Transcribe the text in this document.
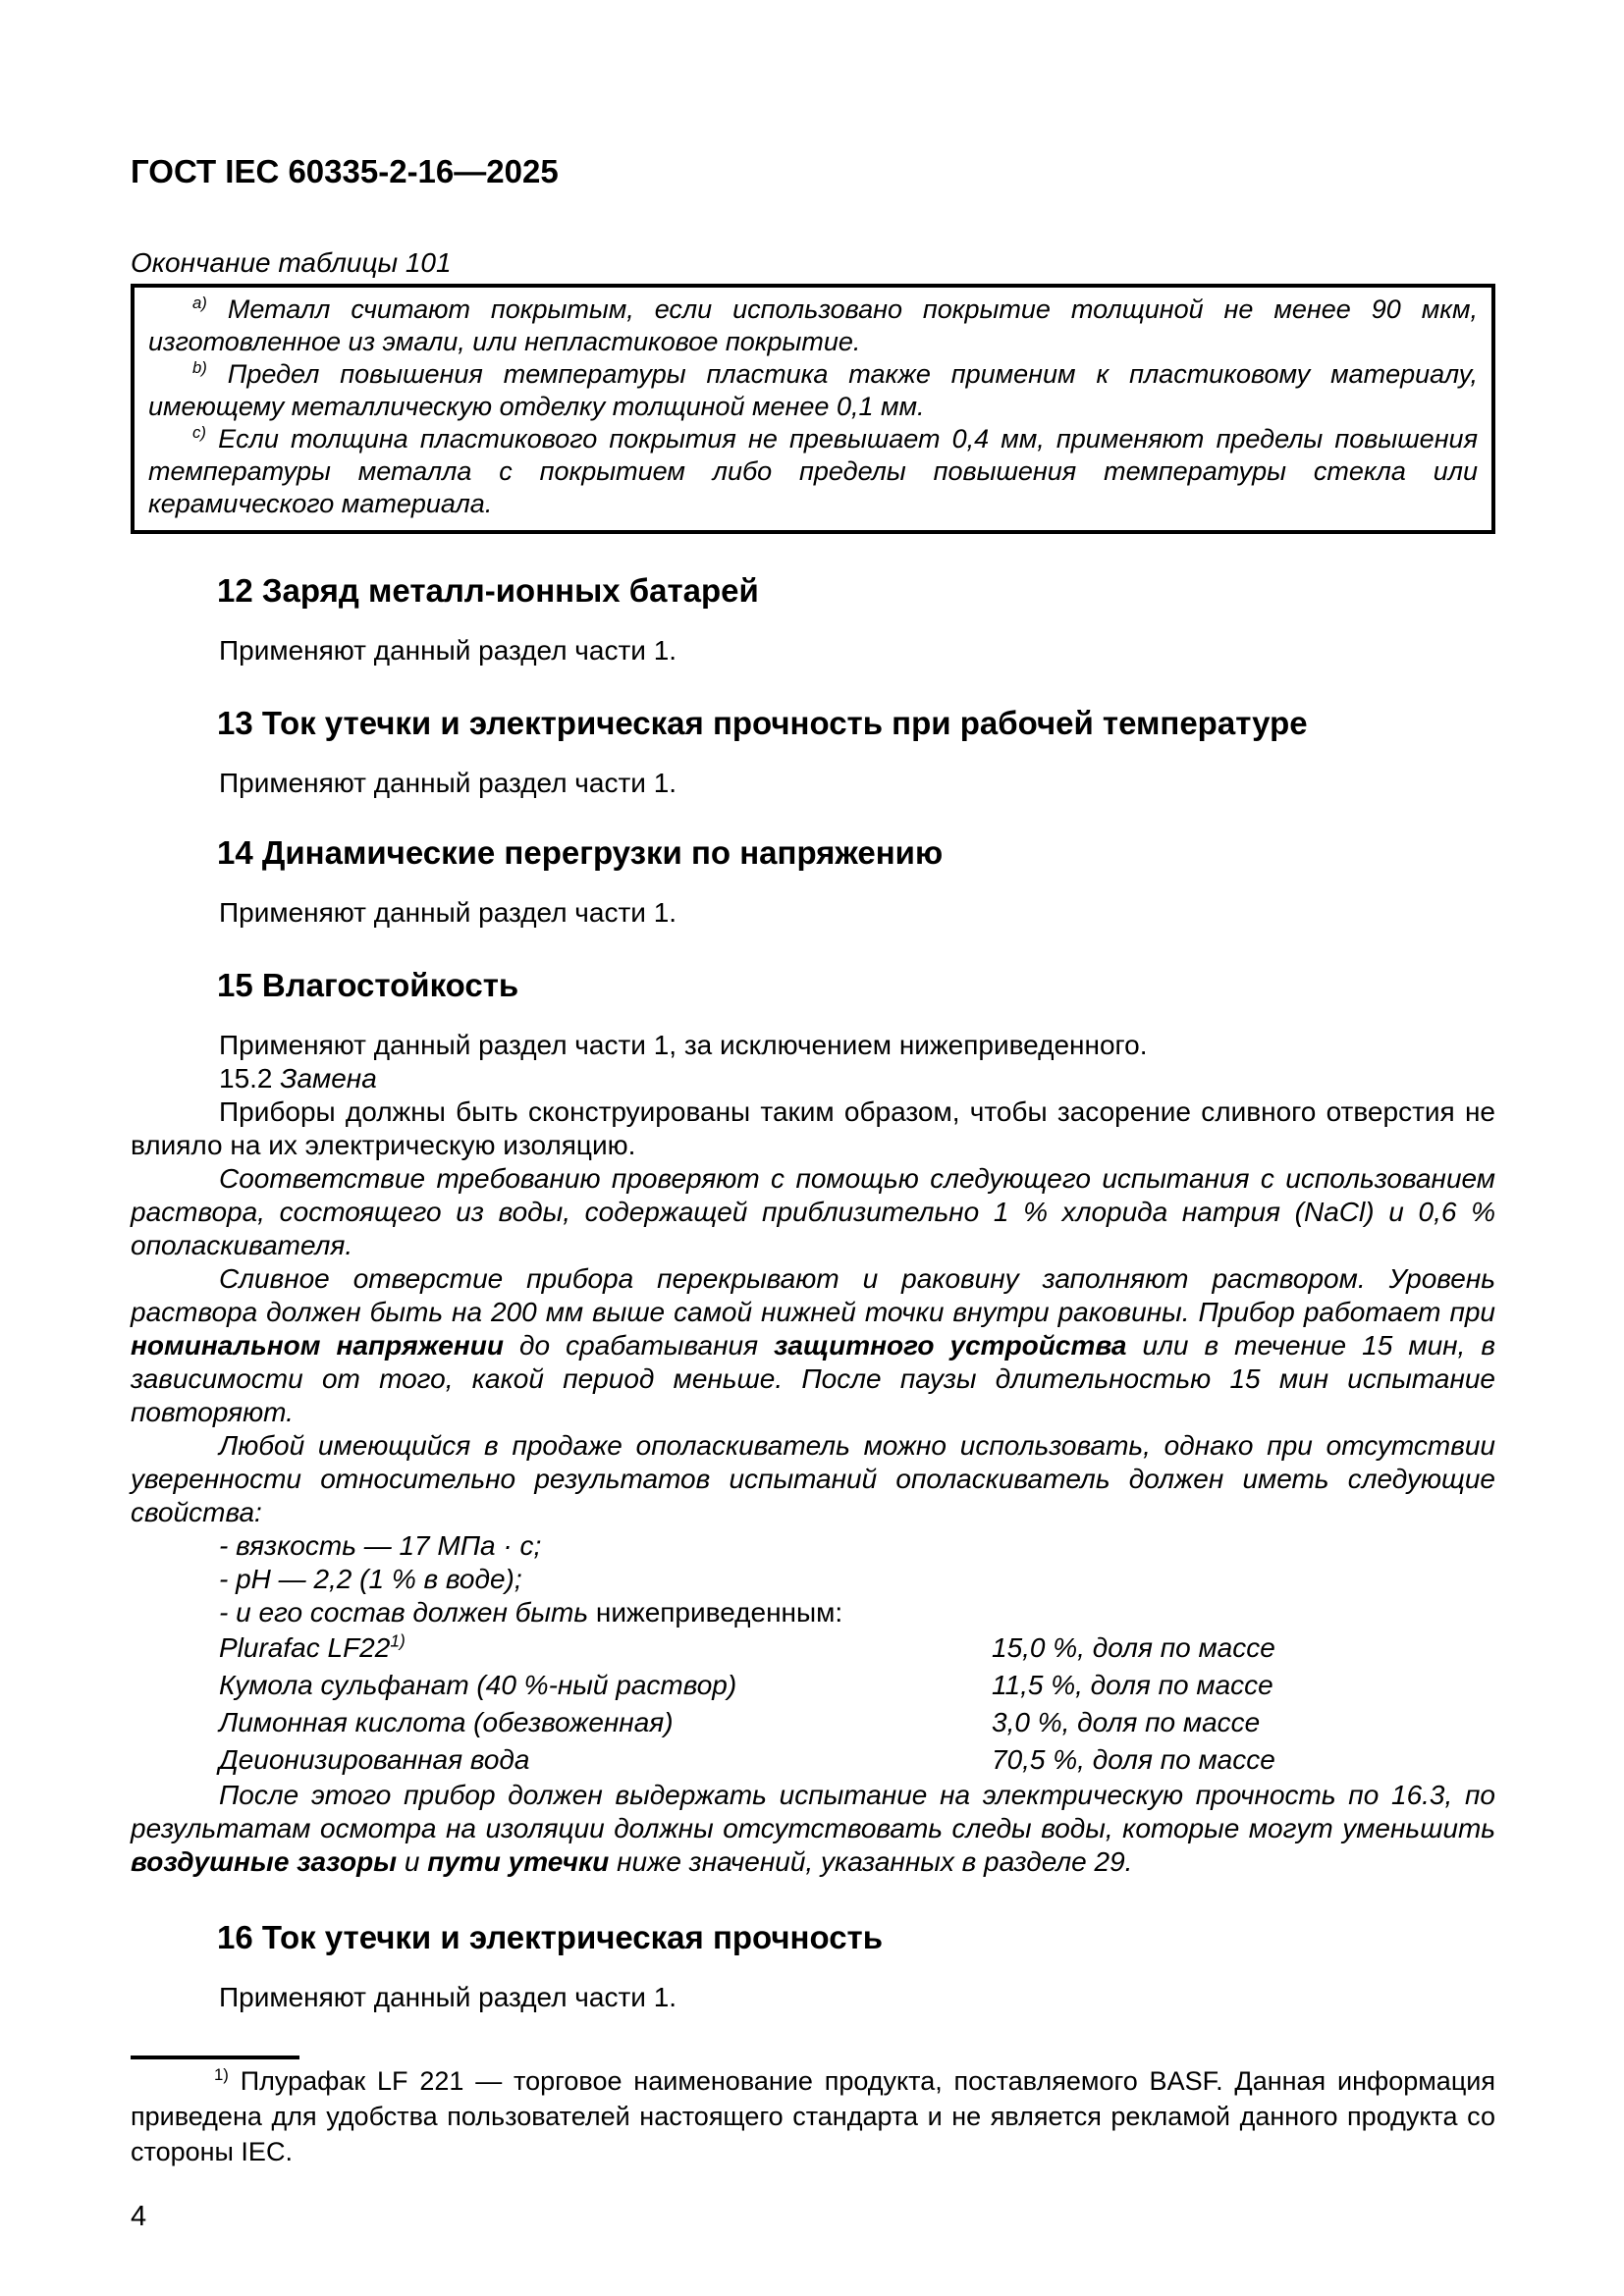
ГОСТ IEC 60335-2-16—2025
Окончание таблицы 101

$^{a)}$ Металл считают покрытым, если использовано покрытие толщиной не менее 90 мкм, изготовленное из эмали, или непластиковое покрытие.

$^{b)}$ Предел повышения температуры пластика также применим к пластиковому материалу, имеющему металлическую отделку толщиной менее 0,1 мм.

$^{c)}$ Если толщина пластикового покрытия не превышает 0,4 мм, применяют пределы повышения температуры металла с покрытием либо пределы повышения температуры стекла или керамического материала.

12 Заряд металл-ионных батарей

Применяют данный раздел части 1.

13 Ток утечки и электрическая прочность при рабочей температуре

Применяют данный раздел части 1.

14 Динамические перегрузки по напряжению

Применяют данный раздел части 1.

15 Влагостойкость

Применяют данный раздел части 1, за исключением нижеприведенного.

15.2 Замена

Приборы должны быть сконструированы таким образом, чтобы засорение сливного отверстия не влияло на их электрическую изоляцию.

Соответствие требованию проверяют с помощью следующего испытания с использованием раствора, состоящего из воды, содержащей приблизительно 1 % хлорида натрия (NaCl) и 0,6 % ополаскивателя.

Сливное отверстие прибора перекрывают и раковину заполняют раствором. Уровень раствора должен быть на 200 мм выше самой нижней точки внутри раковины. Прибор работает при номинальном напряжении до срабатывания защитного устройства или в течение 15 мин, в зависимости от того, какой период меньше. После паузы длительностью 15 мин испытание повторяют.

Любой имеющийся в продаже ополаскиватель можно использовать, однако при отсутствии уверенности относительно результатов испытаний ополаскиватель должен иметь следующие свойства:

- вязкость — 17 МПа · с;

- pH — 2,2 (1 % в воде);

- и его состав должен быть нижеприведенным:

Plurafac LF22$^{1)}$	15,0 %, доля по массе
Кумола сульфанат (40 %-ный раствор)	11,5 %, доля по массе
Лимонная кислота (обезвоженная)	3,0 %, доля по массе
Деионизированная вода	70,5 %, доля по массе

После этого прибор должен выдержать испытание на электрическую прочность по 16.3, по результатам осмотра на изоляции должны отсутствовать следы воды, которые могут уменьшить воздушные зазоры и пути утечки ниже значений, указанных в разделе 29.

16 Ток утечки и электрическая прочность

Применяют данный раздел части 1.

$^{1)}$ Плурафак LF 221 — торговое наименование продукта, поставляемого BASF. Данная информация приведена для удобства пользователей настоящего стандарта и не является рекламой данного продукта со стороны IEC.

4
